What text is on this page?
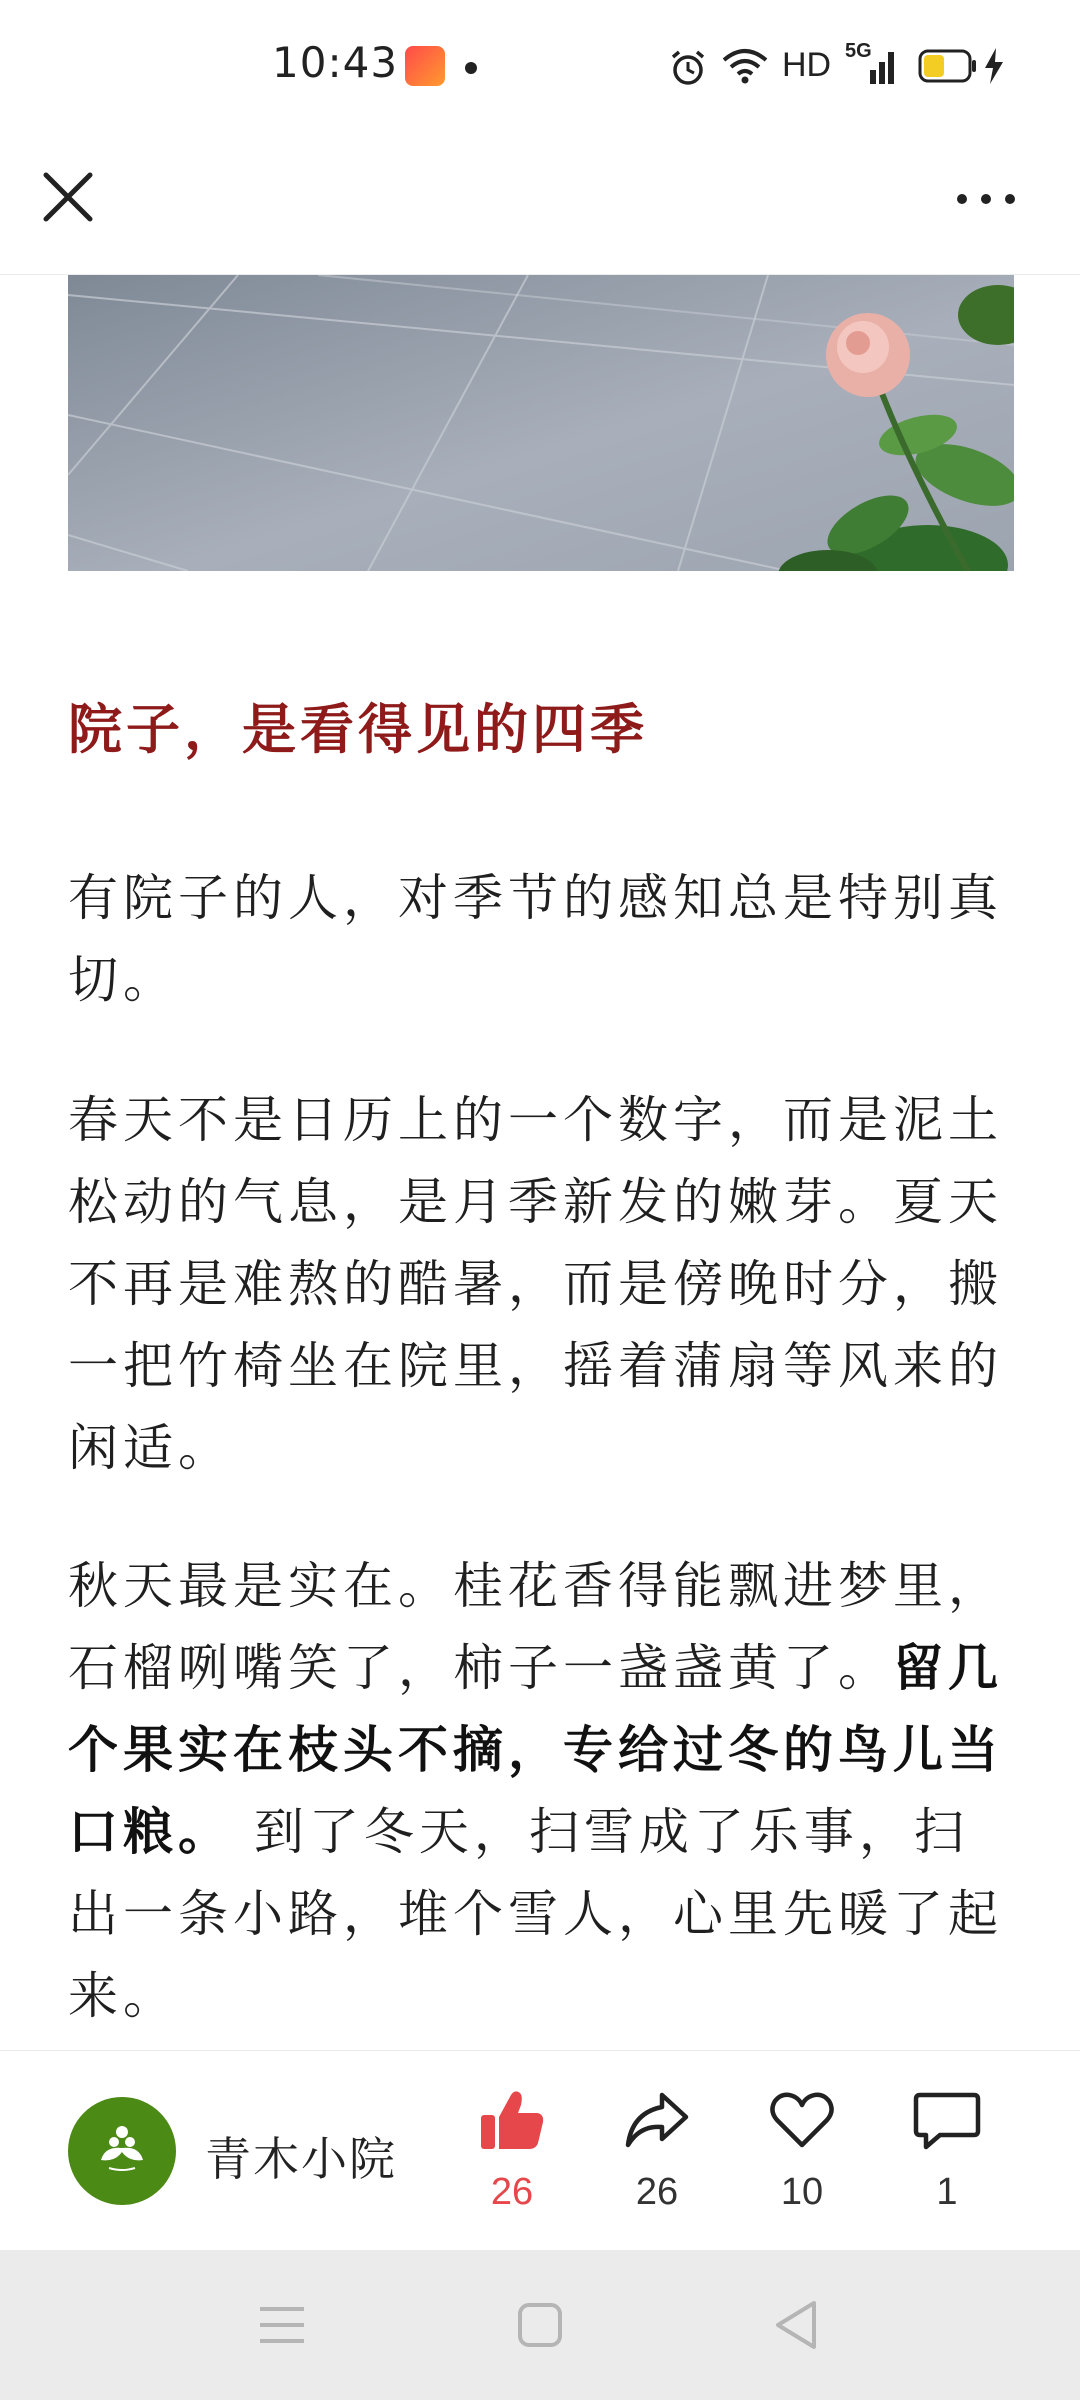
10:43	HD 5G
院子，是看得见的四季

有院子的人，对季节的感知总是特别真切。

春天不是日历上的一个数字，而是泥土松动的气息，是月季新发的嫩芽。夏天不再是难熬的酷暑，而是傍晚时分，搬一把竹椅坐在院里，摇着蒲扇等风来的闲适。

秋天最是实在。桂花香得能飘进梦里，石榴咧嘴笑了，柿子一盏盏黄了。留几个果实在枝头不摘，专给过冬的鸟儿当口粮。 到了冬天，扫雪成了乐事，扫出一条小路，堆个雪人，心里先暖了起来。

青木小院
26	26	10	1
